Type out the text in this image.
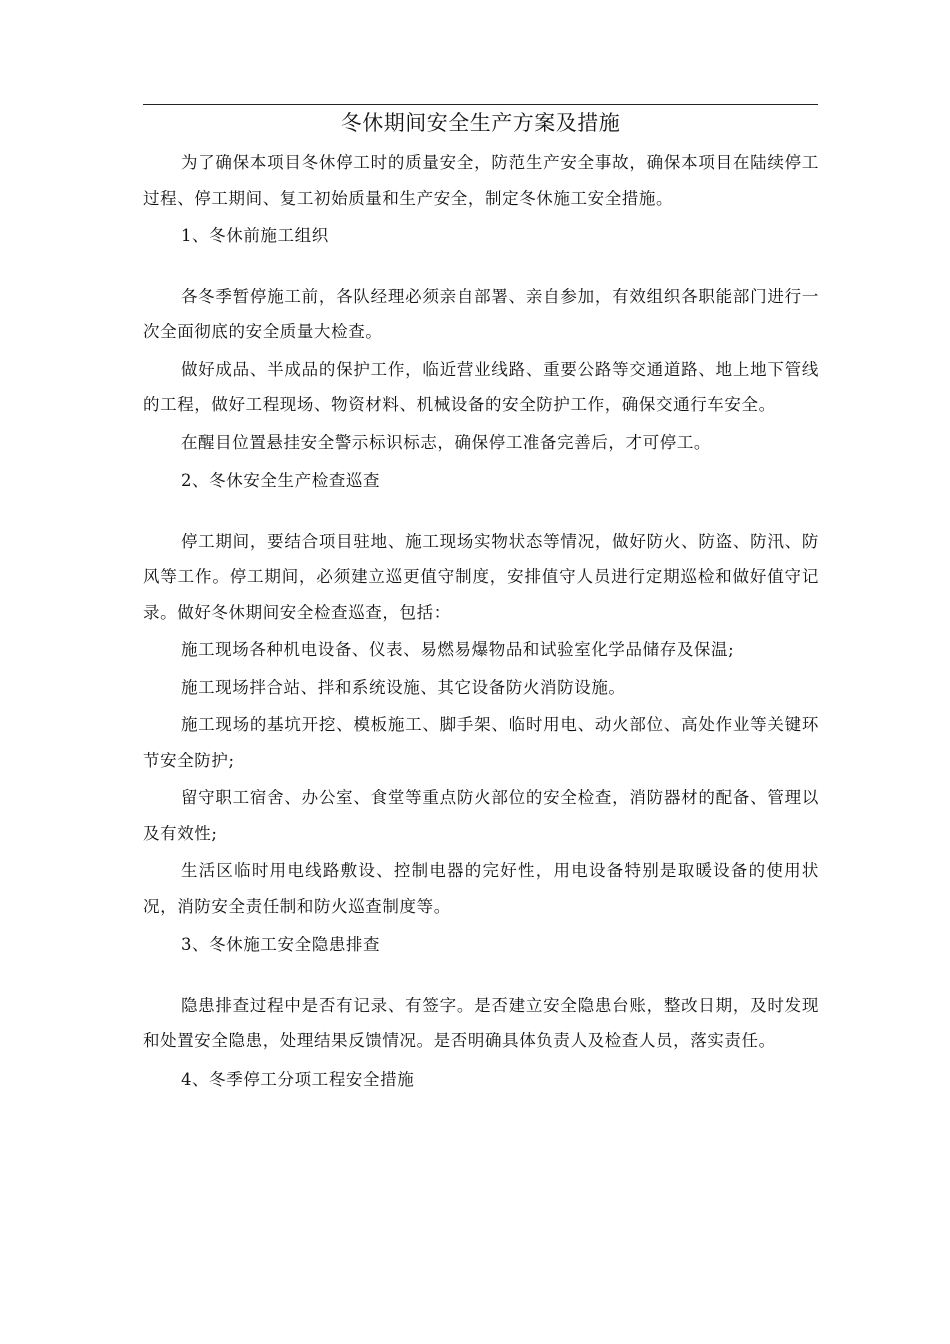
冬休期间安全生产方案及措施

为了确保本项目冬休停工时的质量安全，防范生产安全事故，确保本项目在陆续停工过程、停工期间、复工初始质量和生产安全，制定冬休施工安全措施。

1、冬休前施工组织

各冬季暂停施工前，各队经理必须亲自部署、亲自参加，有效组织各职能部门进行一次全面彻底的安全质量大检查。

做好成品、半成品的保护工作，临近营业线路、重要公路等交通道路、地上地下管线的工程，做好工程现场、物资材料、机械设备的安全防护工作，确保交通行车安全。

在醒目位置悬挂安全警示标识标志，确保停工准备完善后，才可停工。

2、冬休安全生产检查巡查

停工期间，要结合项目驻地、施工现场实物状态等情况，做好防火、防盗、防汛、防风等工作。停工期间，必须建立巡更值守制度，安排值守人员进行定期巡检和做好值守记录。做好冬休期间安全检查巡查，包括：

施工现场各种机电设备、仪表、易燃易爆物品和试验室化学品储存及保温;

施工现场拌合站、拌和系统设施、其它设备防火消防设施。

施工现场的基坑开挖、模板施工、脚手架、临时用电、动火部位、高处作业等关键环节安全防护;

留守职工宿舍、办公室、食堂等重点防火部位的安全检查，消防器材的配备、管理以及有效性;

生活区临时用电线路敷设、控制电器的完好性，用电设备特别是取暖设备的使用状况，消防安全责任制和防火巡查制度等。

3、冬休施工安全隐患排查

隐患排查过程中是否有记录、有签字。是否建立安全隐患台账，整改日期，及时发现和处置安全隐患，处理结果反馈情况。是否明确具体负责人及检查人员，落实责任。

4、冬季停工分项工程安全措施
